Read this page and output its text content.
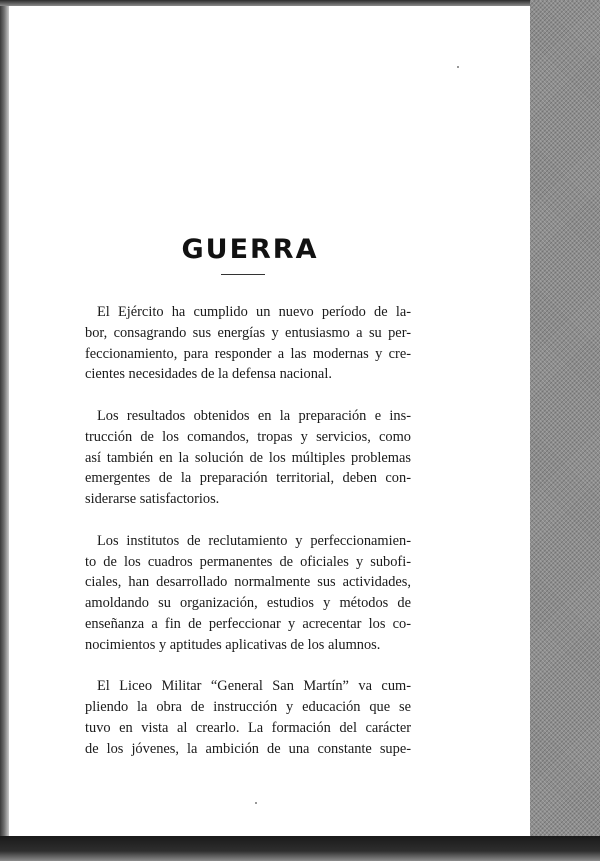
GUERRA

El Ejército ha cumplido un nuevo período de la-
bor, consagrando sus energías y entusiasmo a su per-
feccionamiento, para responder a las modernas y cre-
cientes necesidades de la defensa nacional.

Los resultados obtenidos en la preparación e ins-
trucción de los comandos, tropas y servicios, como
así también en la solución de los múltiples problemas
emergentes de la preparación territorial, deben con-
siderarse satisfactorios.

Los institutos de reclutamiento y perfeccionamien-
to de los cuadros permanentes de oficiales y subofi-
ciales, han desarrollado normalmente sus actividades,
amoldando su organización, estudios y métodos de
enseñanza a fin de perfeccionar y acrecentar los co-
nocimientos y aptitudes aplicativas de los alumnos.

El Liceo Militar “General San Martín” va cum-
pliendo la obra de instrucción y educación que se
tuvo en vista al crearlo. La formación del carácter
de los jóvenes, la ambición de una constante supe-
